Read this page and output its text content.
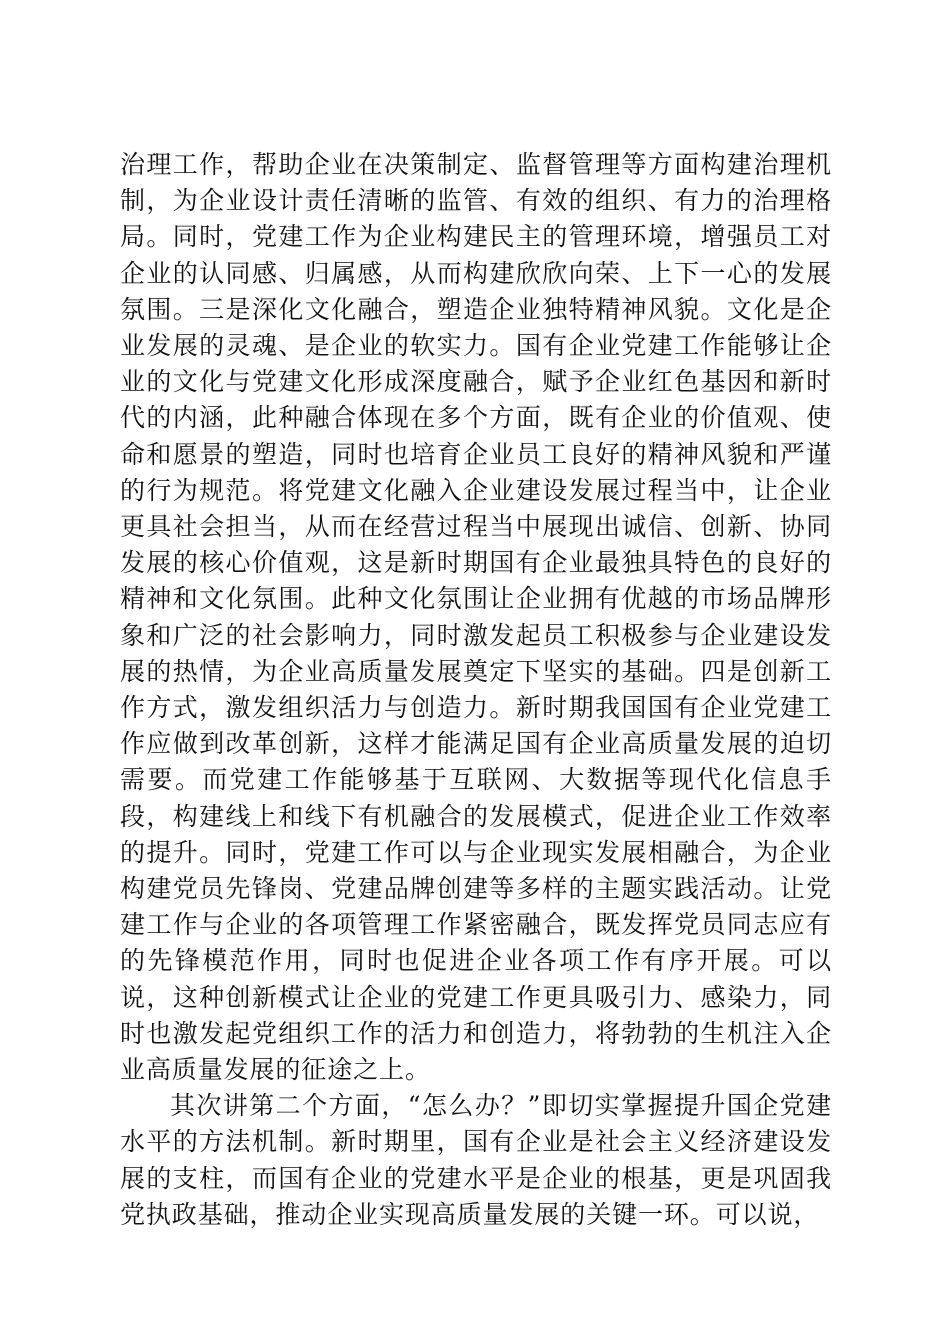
治理工作，帮助企业在决策制定、监督管理等方面构建治理机制，为企业设计责任清晰的监管、有效的组织、有力的治理格局。同时，党建工作为企业构建民主的管理环境，增强员工对企业的认同感、归属感，从而构建欣欣向荣、上下一心的发展氛围。三是深化文化融合，塑造企业独特精神风貌。文化是企业发展的灵魂、是企业的软实力。国有企业党建工作能够让企业的文化与党建文化形成深度融合，赋予企业红色基因和新时代的内涵，此种融合体现在多个方面，既有企业的价值观、使命和愿景的塑造，同时也培育企业员工良好的精神风貌和严谨的行为规范。将党建文化融入企业建设发展过程当中，让企业更具社会担当，从而在经营过程当中展现出诚信、创新、协同发展的核心价值观，这是新时期国有企业最独具特色的良好的精神和文化氛围。此种文化氛围让企业拥有优越的市场品牌形象和广泛的社会影响力，同时激发起员工积极参与企业建设发展的热情，为企业高质量发展奠定下坚实的基础。四是创新工作方式，激发组织活力与创造力。新时期我国国有企业党建工作应做到改革创新，这样才能满足国有企业高质量发展的迫切需要。而党建工作能够基于互联网、大数据等现代化信息手段，构建线上和线下有机融合的发展模式，促进企业工作效率的提升。同时，党建工作可以与企业现实发展相融合，为企业构建党员先锋岗、党建品牌创建等多样的主题实践活动。让党建工作与企业的各项管理工作紧密融合，既发挥党员同志应有的先锋模范作用，同时也促进企业各项工作有序开展。可以说，这种创新模式让企业的党建工作更具吸引力、感染力，同时也激发起党组织工作的活力和创造力，将勃勃的生机注入企业高质量发展的征途之上。

其次讲第二个方面，“怎么办？”即切实掌握提升国企党建水平的方法机制。新时期里，国有企业是社会主义经济建设发展的支柱，而国有企业的党建水平是企业的根基，更是巩固我党执政基础，推动企业实现高质量发展的关键一环。可以说，
